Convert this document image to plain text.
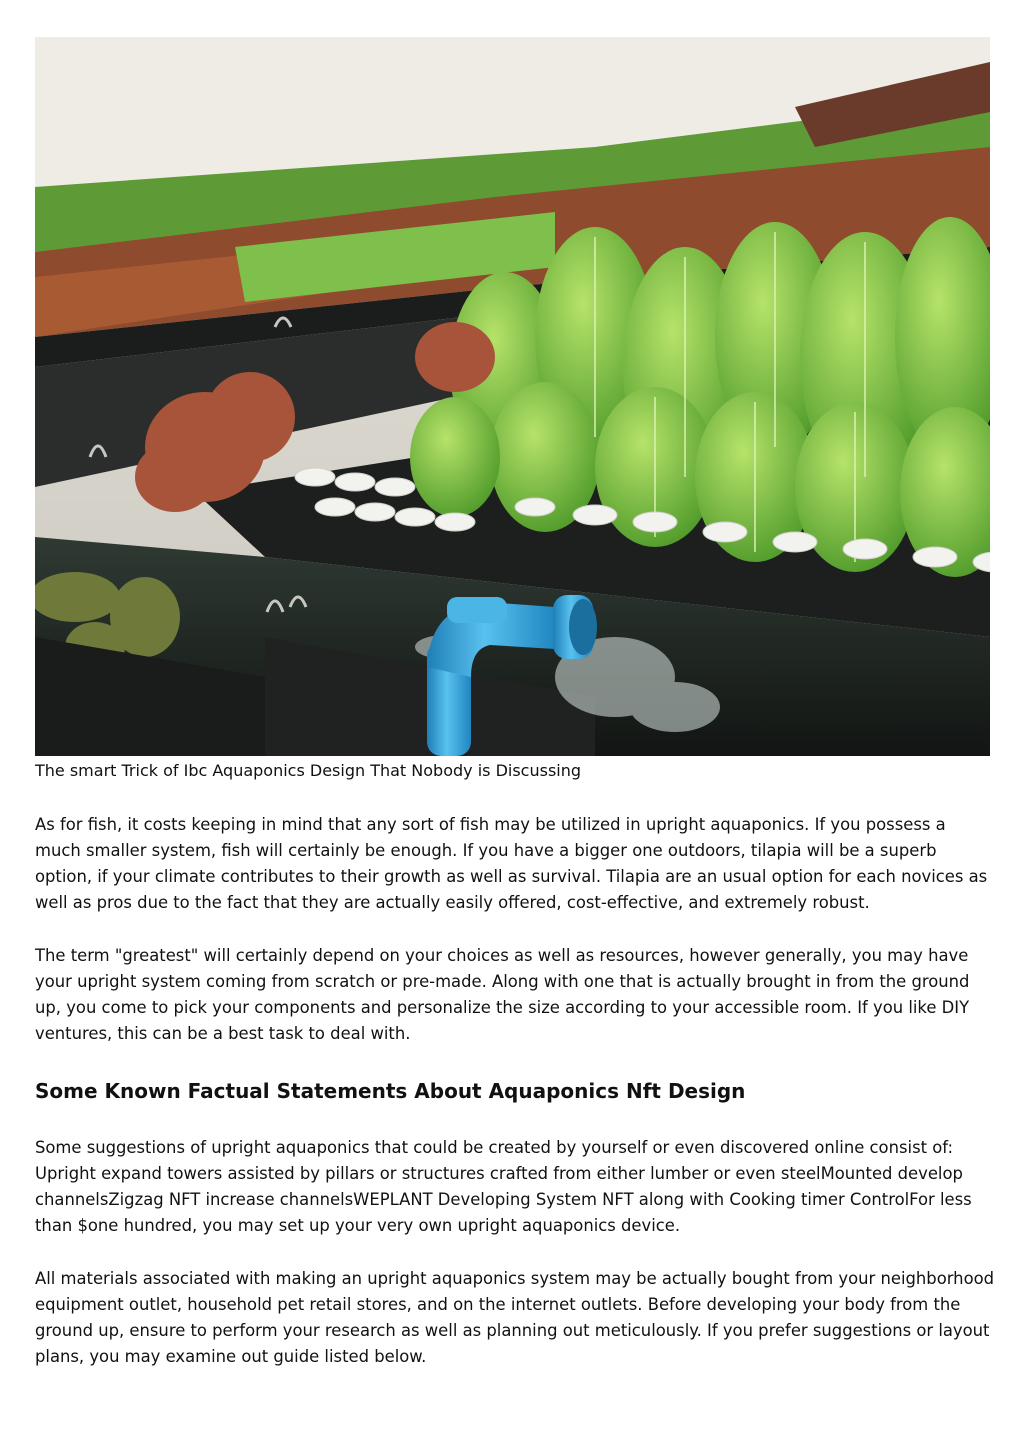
The smart Trick of Ibc Aquaponics Design That Nobody is Discussing

As for fish, it costs keeping in mind that any sort of fish may be utilized in upright aquaponics. If you possess a much smaller system, fish will certainly be enough. If you have a bigger one outdoors, tilapia will be a superb option, if your climate contributes to their growth as well as survival. Tilapia are an usual option for each novices as well as pros due to the fact that they are actually easily offered, cost-effective, and extremely robust.

The term "greatest" will certainly depend on your choices as well as resources, however generally, you may have your upright system coming from scratch or pre-made. Along with one that is actually brought in from the ground up, you come to pick your components and personalize the size according to your accessible room. If you like DIY ventures, this can be a best task to deal with.

Some Known Factual Statements About Aquaponics Nft Design

Some suggestions of upright aquaponics that could be created by yourself or even discovered online consist of: Upright expand towers assisted by pillars or structures crafted from either lumber or even steelMounted develop channelsZigzag NFT increase channelsWEPLANT Developing System NFT along with Cooking timer ControlFor less than $one hundred, you may set up your very own upright aquaponics device.

All materials associated with making an upright aquaponics system may be actually bought from your neighborhood equipment outlet, household pet retail stores, and on the internet outlets. Before developing your body from the ground up, ensure to perform your research as well as planning out meticulously. If you prefer suggestions or layout plans, you may examine out guide listed below.
